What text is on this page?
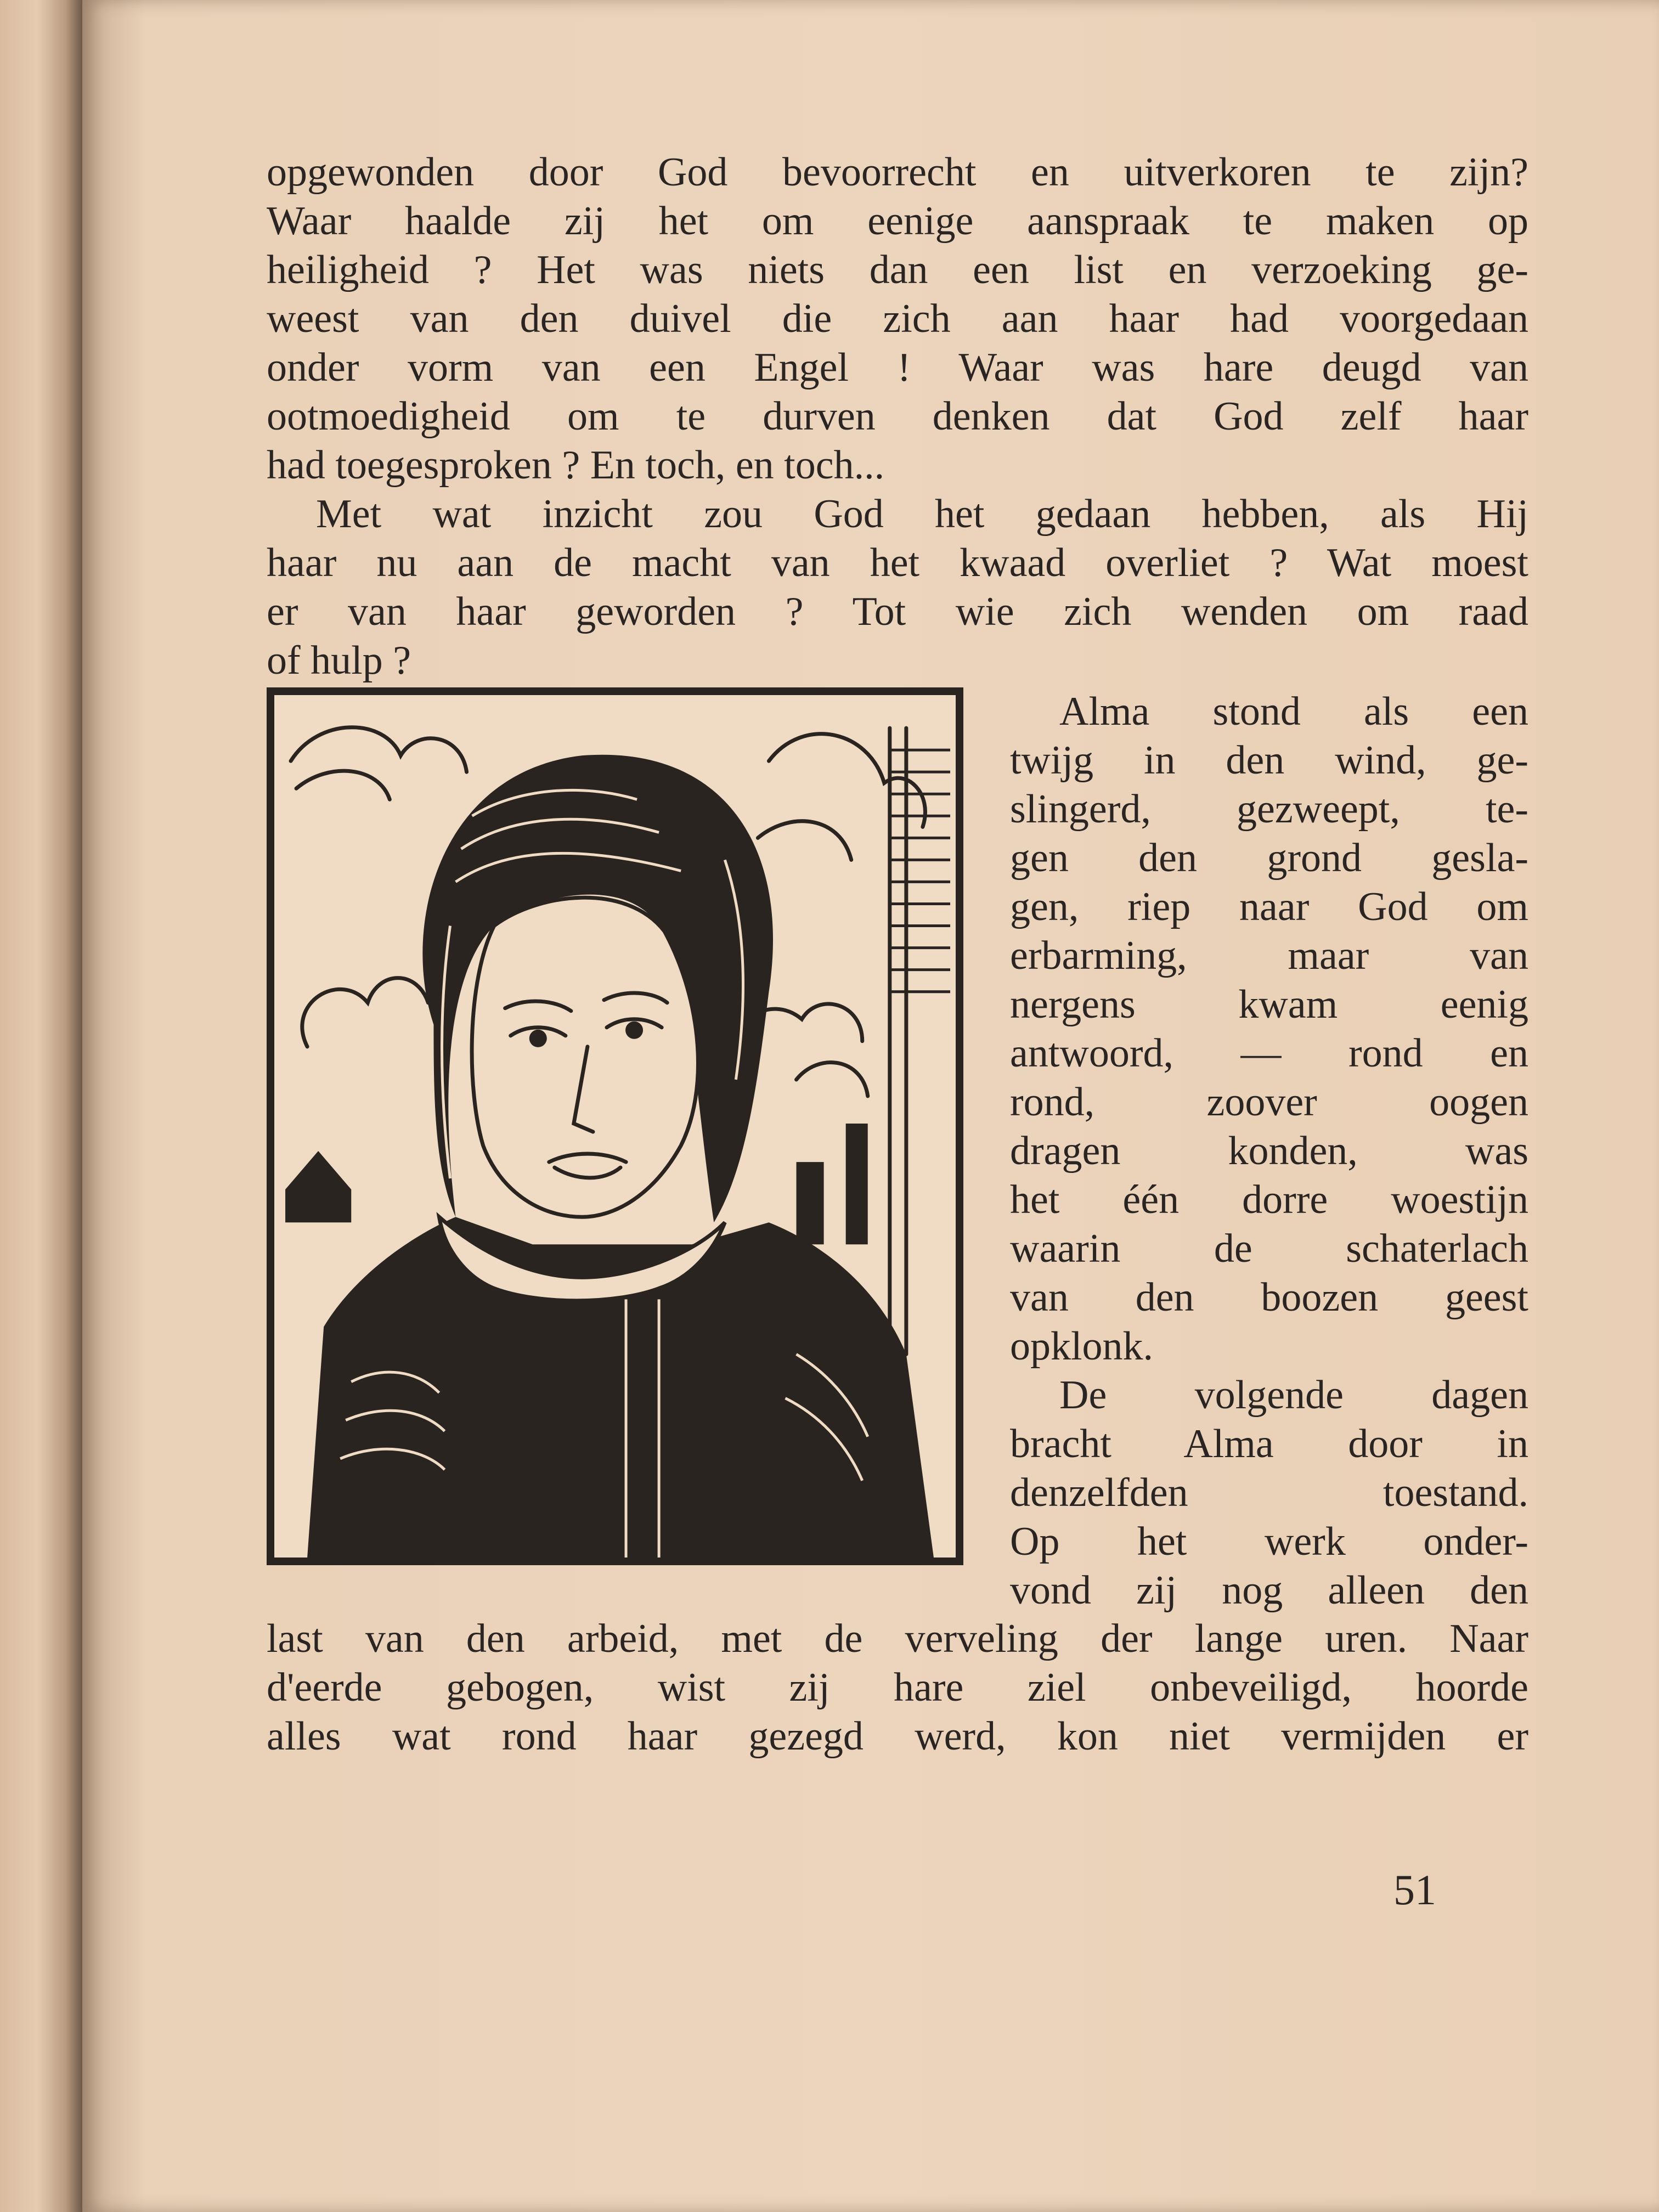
opgewonden door God bevoorrecht en uitverkoren te zijn?
Waar haalde zij het om eenige aanspraak te maken op
heiligheid ? Het was niets dan een list en verzoeking ge-
weest van den duivel die zich aan haar had voorgedaan
onder vorm van een Engel ! Waar was hare deugd van
ootmoedigheid om te durven denken dat God zelf haar
had toegesproken ? En toch, en toch...
Met wat inzicht zou God het gedaan hebben, als Hij
haar nu aan de macht van het kwaad overliet ? Wat moest
er van haar geworden ? Tot wie zich wenden om raad
of hulp ?
Alma stond als een
twijg in den wind, ge-
slingerd, gezweept, te-
gen den grond gesla-
gen, riep naar God om
erbarming, maar van
nergens kwam eenig
antwoord, — rond en
rond, zoover oogen
dragen konden, was
het één dorre woestijn
waarin de schaterlach
van den boozen geest
opklonk.
De volgende dagen
bracht Alma door in
denzelfden toestand.
Op het werk onder-
vond zij nog alleen den
last van den arbeid, met de verveling der lange uren. Naar
d'eerde gebogen, wist zij hare ziel onbeveiligd, hoorde
alles wat rond haar gezegd werd, kon niet vermijden er
51
